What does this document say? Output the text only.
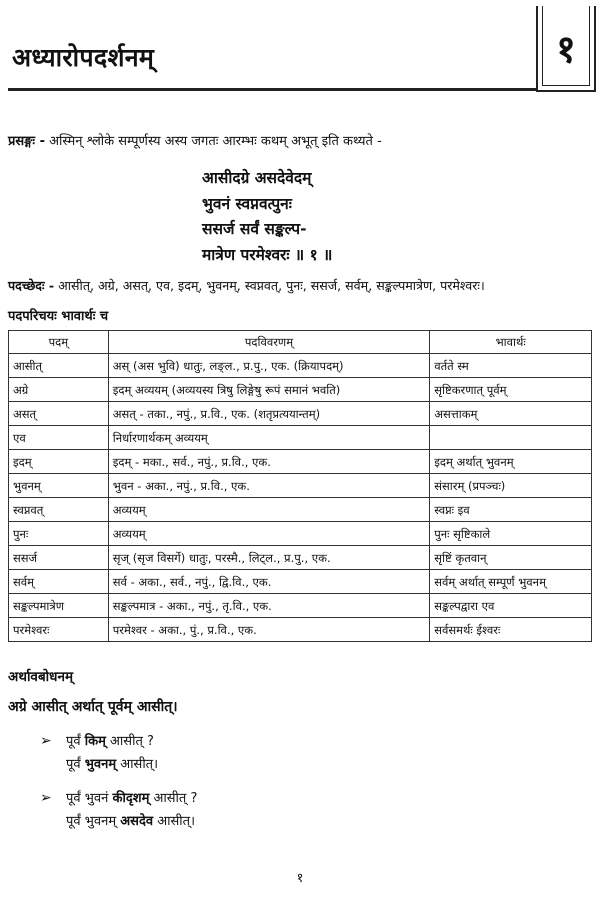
अध्यारोपदर्शनम्	१
प्रसङ्गः - अस्मिन् श्लोके सम्पूर्णस्य अस्य जगतः आरम्भः कथम् अभूत् इति कथ्यते -
आसीदग्रे असदेवेदम्
भुवनं स्वप्नवत्पुनः
ससर्ज सर्वं सङ्कल्प-
मात्रेण परमेश्वरः ॥ १ ॥
पदच्छेदः - आसीत्, अग्रे, असत्, एव, इदम्, भुवनम्, स्वप्नवत्, पुनः, ससर्ज, सर्वम्, सङ्कल्पमात्रेण, परमेश्वरः।
पदपरिचयः भावार्थः च
पदम्	पदविवरणम्	भावार्थः
आसीत्	अस् (अस भुवि) धातुः, लङ्ल., प्र.पु., एक. (क्रियापदम्)	वर्तते स्म
अग्रे	इदम् अव्ययम् (अव्ययस्य त्रिषु लिङ्गेषु रूपं समानं भवति)	सृष्टिकरणात् पूर्वम्
असत्	असत् - तका., नपुं., प्र.वि., एक. (शतृप्रत्ययान्तम्)	असत्ताकम्
एव	निर्धारणार्थकम् अव्ययम्	
इदम्	इदम् - मका., सर्व., नपुं., प्र.वि., एक.	इदम् अर्थात् भुवनम्
भुवनम्	भुवन - अका., नपुं., प्र.वि., एक.	संसारम् (प्रपञ्चः)
स्वप्नवत्	अव्ययम्	स्वप्नः इव
पुनः	अव्ययम्	पुनः सृष्टिकाले
ससर्ज	सृज् (सृज विसर्गे) धातुः, परस्मै., लिट्ल., प्र.पु., एक.	सृष्टिं कृतवान्
सर्वम्	सर्व - अका., सर्व., नपुं., द्वि.वि., एक.	सर्वम् अर्थात् सम्पूर्णं भुवनम्
सङ्कल्पमात्रेण	सङ्कल्पमात्र - अका., नपुं., तृ.वि., एक.	सङ्कल्पद्वारा एव
परमेश्वरः	परमेश्वर - अका., पुं., प्र.वि., एक.	सर्वसमर्थः ईश्वरः
अर्थावबोधनम्
अग्रे आसीत् अर्थात् पूर्वम् आसीत्।
➢ पूर्वं किम् आसीत् ?
पूर्वं भुवनम् आसीत्।
➢ पूर्वं भुवनं कीदृशम् आसीत् ?
पूर्वं भुवनम् असदेव आसीत्।
१
